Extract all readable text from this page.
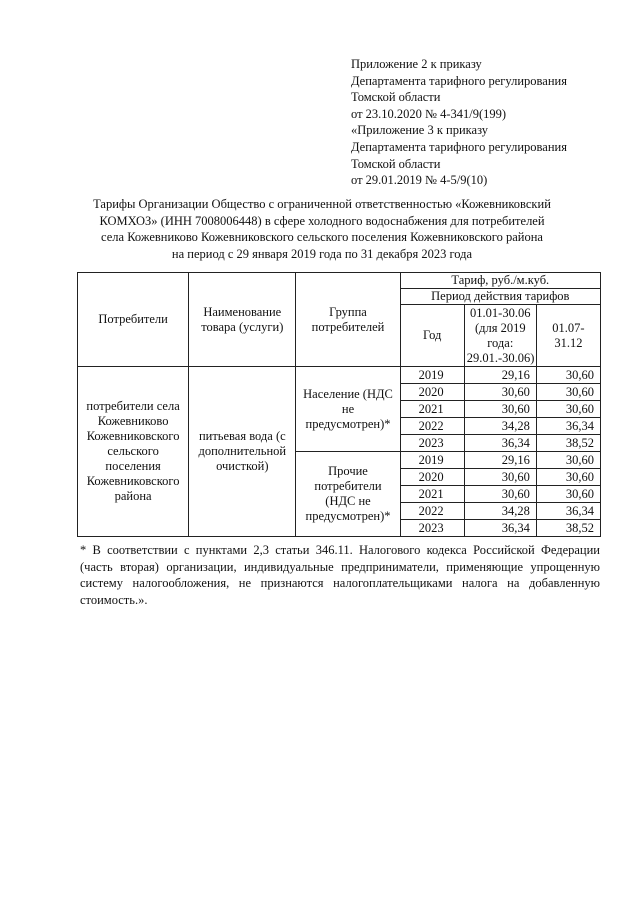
Приложение 2 к приказу
Департамента тарифного регулирования
Томской области
от 23.10.2020 № 4-341/9(199)
«Приложение 3 к приказу
Департамента тарифного регулирования
Томской области
от 29.01.2019 № 4-5/9(10)
Тарифы Организации Общество с ограниченной ответственностью «Кожевниковский
КОМХОЗ» (ИНН 7008006448) в сфере холодного водоснабжения для потребителей
села Кожевниково Кожевниковского сельского поселения Кожевниковского района
на период с 29 января 2019 года по 31 декабря 2023 года
Потребители	Наименование товара (услуги)	Группа потребителей	Тариф, руб./м.куб.		
			Период действия тарифов		
			Год	01.01-30.06 (для 2019 года: 29.01.-30.06)	01.07-31.12
потребители села Кожевниково Кожевниковского сельского поселения Кожевниковского района	питьевая вода (с дополнительной очисткой)	Население (НДС не предусмотрен)*	2019	29,16	30,60
			2020	30,60	30,60
			2021	30,60	30,60
			2022	34,28	36,34
			2023	36,34	38,52
		Прочие потребители (НДС не предусмотрен)*	2019	29,16	30,60
			2020	30,60	30,60
			2021	30,60	30,60
			2022	34,28	36,34
			2023	36,34	38,52
* В соответствии с пунктами 2,3 статьи 346.11. Налогового кодекса Российской Федерации (часть вторая) организации, индивидуальные предприниматели, применяющие упрощенную систему налогообложения, не признаются налогоплательщиками налога на добавленную стоимость.».
